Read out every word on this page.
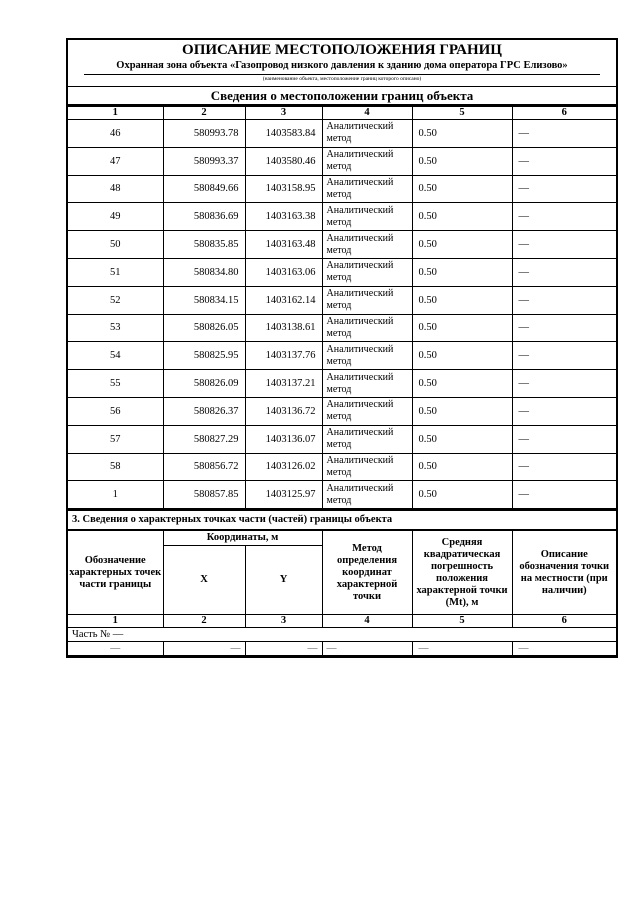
ОПИСАНИЕ МЕСТОПОЛОЖЕНИЯ ГРАНИЦ
Охранная зона объекта «Газопровод низкого давления к зданию дома оператора ГРС Елизово»
(наименование объекта, местоположение границ которого описано)
Сведения о местоположении границ объекта
1	2	3	4	5	6
46	580993.78	1403583.84	Аналитический метод	0.50	—
47	580993.37	1403580.46	Аналитический метод	0.50	—
48	580849.66	1403158.95	Аналитический метод	0.50	—
49	580836.69	1403163.38	Аналитический метод	0.50	—
50	580835.85	1403163.48	Аналитический метод	0.50	—
51	580834.80	1403163.06	Аналитический метод	0.50	—
52	580834.15	1403162.14	Аналитический метод	0.50	—
53	580826.05	1403138.61	Аналитический метод	0.50	—
54	580825.95	1403137.76	Аналитический метод	0.50	—
55	580826.09	1403137.21	Аналитический метод	0.50	—
56	580826.37	1403136.72	Аналитический метод	0.50	—
57	580827.29	1403136.07	Аналитический метод	0.50	—
58	580856.72	1403126.02	Аналитический метод	0.50	—
1	580857.85	1403125.97	Аналитический метод	0.50	—
3. Сведения о характерных точках части (частей) границы объекта
Обозначение характерных точек части границы	Координаты, м		Метод определения координат характерной точки	Средняя квадратическая погрешность положения характерной точки (Mt), м	Описание обозначения точки на местности (при наличии)
	X	Y			
1	2	3	4	5	6
Часть № —					
—	—	—	—	—	—
